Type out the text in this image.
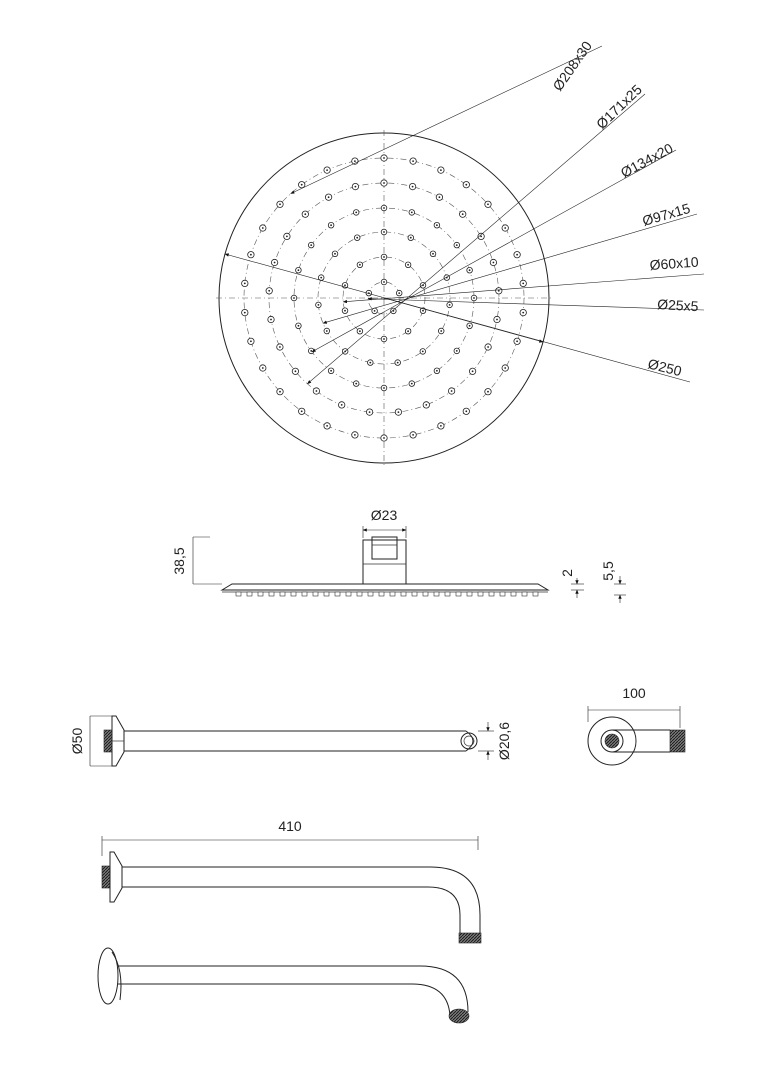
Ø208x30
Ø171x25
Ø134x20
Ø97x15
Ø60x10
Ø25x5
Ø250
Ø23
38,5	2 5,5
Ø50	Ø20,6
100
410
